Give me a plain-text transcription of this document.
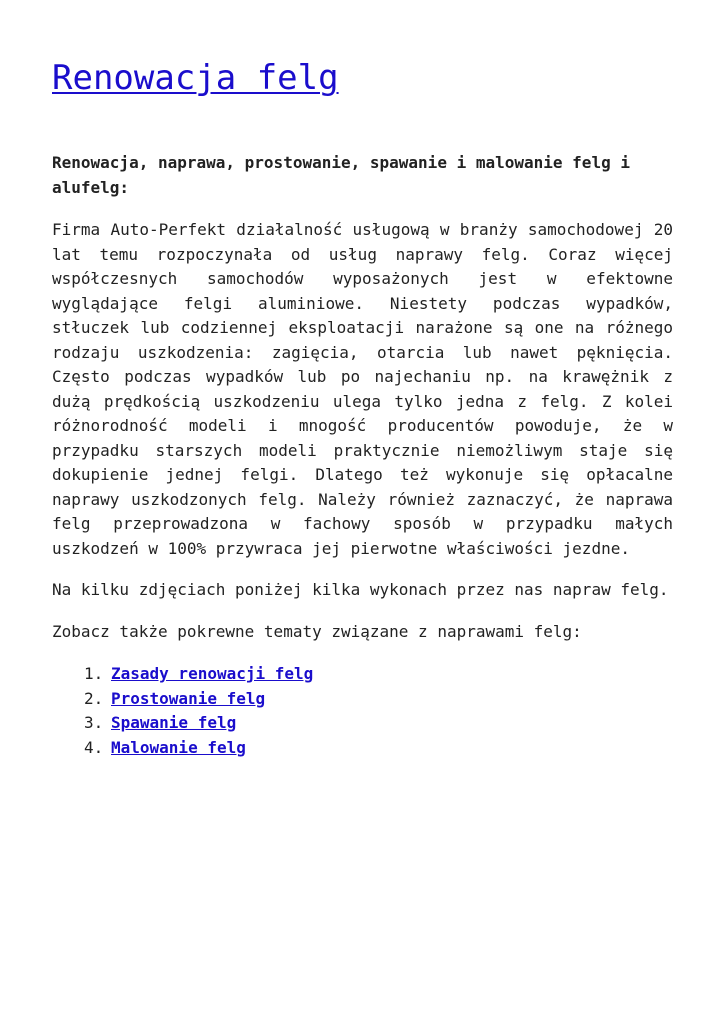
Renowacja felg

Renowacja, naprawa, prostowanie, spawanie i malowanie felg i alufelg:

Firma Auto-Perfekt działalność usługową w branży samochodowej 20 lat temu rozpoczynała od usług naprawy felg. Coraz więcej współczesnych samochodów wyposażonych jest w efektowne wyglądające felgi aluminiowe. Niestety podczas wypadków, stłuczek lub codziennej eksploatacji narażone są one na różnego rodzaju uszkodzenia: zagięcia, otarcia lub nawet pęknięcia. Często podczas wypadków lub po najechaniu np. na krawężnik z dużą prędkością uszkodzeniu ulega tylko jedna z felg. Z kolei różnorodność modeli i mnogość producentów powoduje, że w przypadku starszych modeli praktycznie niemożliwym staje się dokupienie jednej felgi. Dlatego też wykonuje się opłacalne naprawy uszkodzonych felg. Należy również zaznaczyć, że naprawa felg przeprowadzona w fachowy sposób w przypadku małych uszkodzeń w 100% przywraca jej pierwotne właściwości jezdne.

Na kilku zdjęciach poniżej kilka wykonach przez nas napraw felg.

Zobacz także pokrewne tematy związane z naprawami felg:

1. Zasady renowacji felg
2. Prostowanie felg
3. Spawanie felg
4. Malowanie felg
